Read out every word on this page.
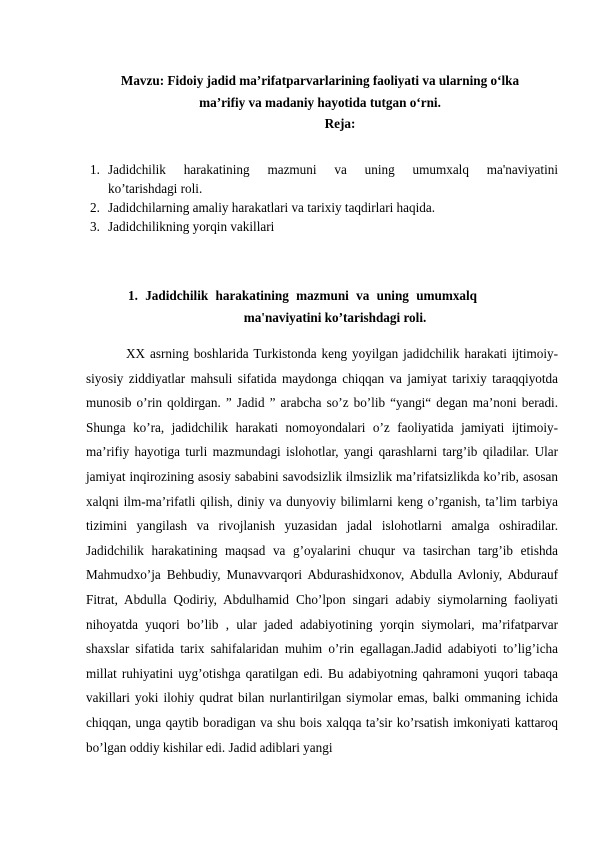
Mavzu: Fidoiy jadid ma’rifatparvarlarining faoliyati va ularning o‘lka
ma’rifiy va madaniy hayotida tutgan o‘rni.
Reja:
1. Jadidchilik harakatining mazmuni va uning umumxalq ma'naviyatini
ko’tarishdagi roli.
2. Jadidchilarning amaliy harakatlari va tarixiy taqdirlari haqida.
3. Jadidchilikning yorqin vakillari
1. Jadidchilik harakatining mazmuni va uning umumxalq
ma'naviyatini ko’tarishdagi roli.

XX asrning boshlarida Turkistonda keng yoyilgan jadidchilik harakati ijtimoiy-siyosiy ziddiyatlar mahsuli sifatida maydonga chiqqan va jamiyat tarixiy taraqqiyotda munosib o’rin qoldirgan. ” Jadid ” arabcha so’z bo’lib “yangi“ degan ma’noni beradi. Shunga ko’ra, jadidchilik harakati nomoyondalari o’z faoliyatida jamiyati ijtimoiy-ma’rifiy hayotiga turli mazmundagi islohotlar, yangi qarashlarni targ’ib qiladilar. Ular jamiyat inqirozining asosiy sababini savodsizlik ilmsizlik ma’rifatsizlikda ko’rib, asosan xalqni ilm-ma’rifatli qilish, diniy va dunyoviy bilimlarni keng o’rganish, ta’lim tarbiya tizimini yangilash va rivojlanish yuzasidan jadal islohotlarni amalga oshiradilar. Jadidchilik harakatining maqsad va g’oyalarini chuqur va tasirchan targ’ib etishda Mahmudxo’ja Behbudiy, Munavvarqori Abdurashidxonov, Abdulla Avloniy, Abdurauf Fitrat, Abdulla Qodiriy, Abdulhamid Cho’lpon singari adabiy siymolarning faoliyati nihoyatda yuqori bo’lib , ular jaded adabiyotining yorqin siymolari, ma’rifatparvar shaxslar sifatida tarix sahifalaridan muhim o’rin egallagan.Jadid adabiyoti to’lig’icha millat ruhiyatini uyg’otishga qaratilgan edi. Bu adabiyotning qahramoni yuqori tabaqa vakillari yoki ilohiy qudrat bilan nurlantirilgan siymolar emas, balki ommaning ichida chiqqan, unga qaytib boradigan va shu bois xalqqa ta’sir ko’rsatish imkoniyati kattaroq bo’lgan oddiy kishilar edi. Jadid adiblari yangi
